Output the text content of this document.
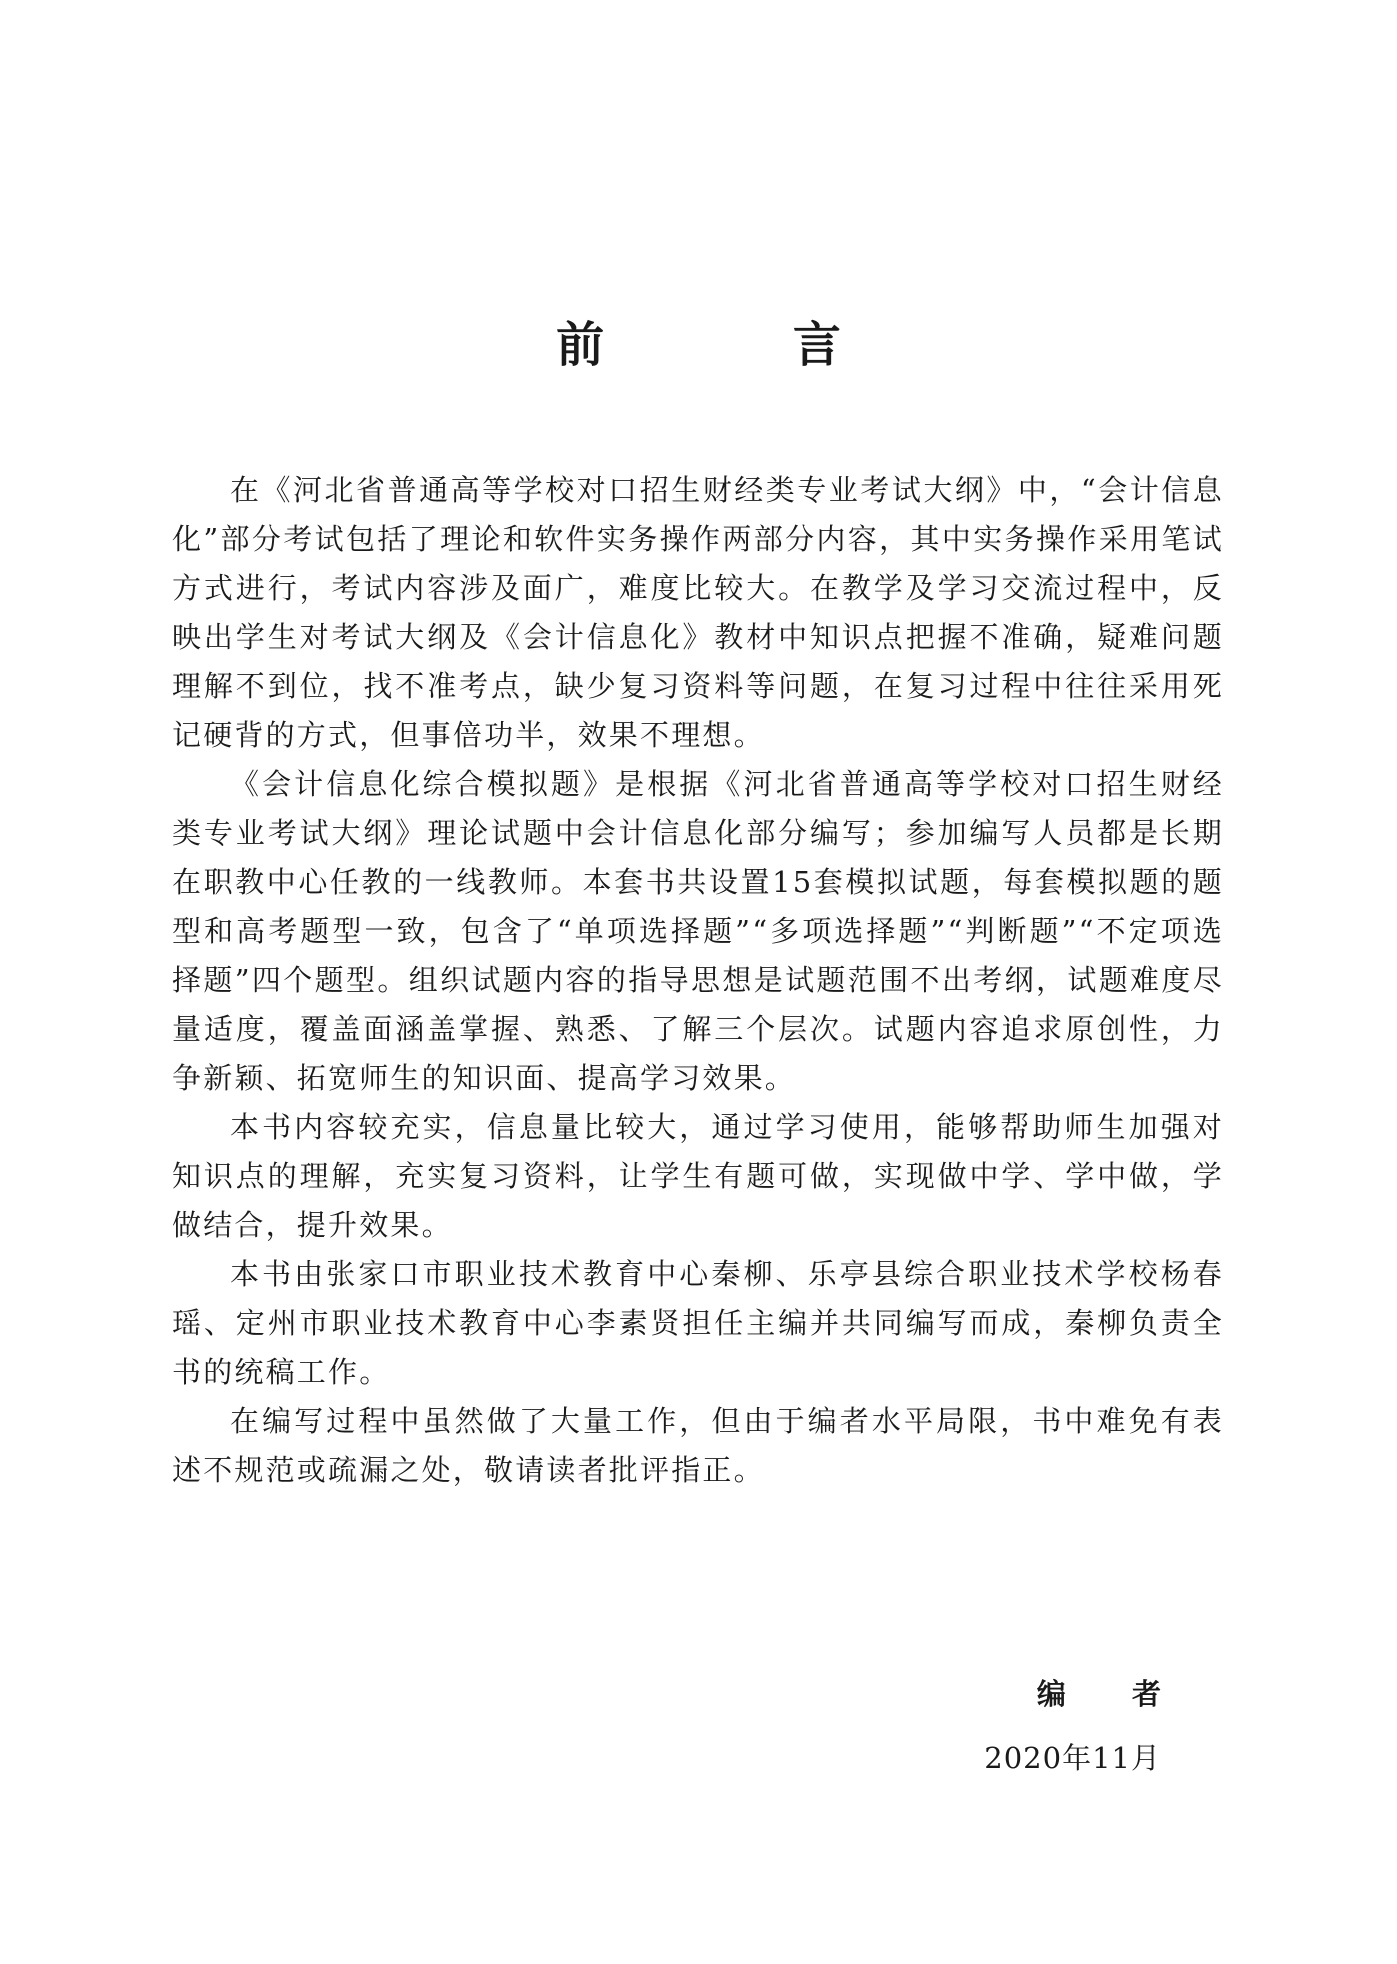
前 言

在《河北省普通高等学校对口招生财经类专业考试大纲》中，“会计信息化”部分考试包括了理论和软件实务操作两部分内容，其中实务操作采用笔试方式进行，考试内容涉及面广，难度比较大。在教学及学习交流过程中，反映出学生对考试大纲及《会计信息化》教材中知识点把握不准确，疑难问题理解不到位，找不准考点，缺少复习资料等问题，在复习过程中往往采用死记硬背的方式，但事倍功半，效果不理想。

《会计信息化综合模拟题》是根据《河北省普通高等学校对口招生财经类专业考试大纲》理论试题中会计信息化部分编写；参加编写人员都是长期在职教中心任教的一线教师。本套书共设置15套模拟试题，每套模拟题的题型和高考题型一致，包含了“单项选择题”“多项选择题”“判断题”“不定项选择题”四个题型。组织试题内容的指导思想是试题范围不出考纲，试题难度尽量适度，覆盖面涵盖掌握、熟悉、了解三个层次。试题内容追求原创性，力争新颖、拓宽师生的知识面、提高学习效果。

本书内容较充实，信息量比较大，通过学习使用，能够帮助师生加强对知识点的理解，充实复习资料，让学生有题可做，实现做中学、学中做，学做结合，提升效果。

本书由张家口市职业技术教育中心秦柳、乐亭县综合职业技术学校杨春瑶、定州市职业技术教育中心李素贤担任主编并共同编写而成，秦柳负责全书的统稿工作。

在编写过程中虽然做了大量工作，但由于编者水平局限，书中难免有表述不规范或疏漏之处，敬请读者批评指正。

编 者
2020年11月
